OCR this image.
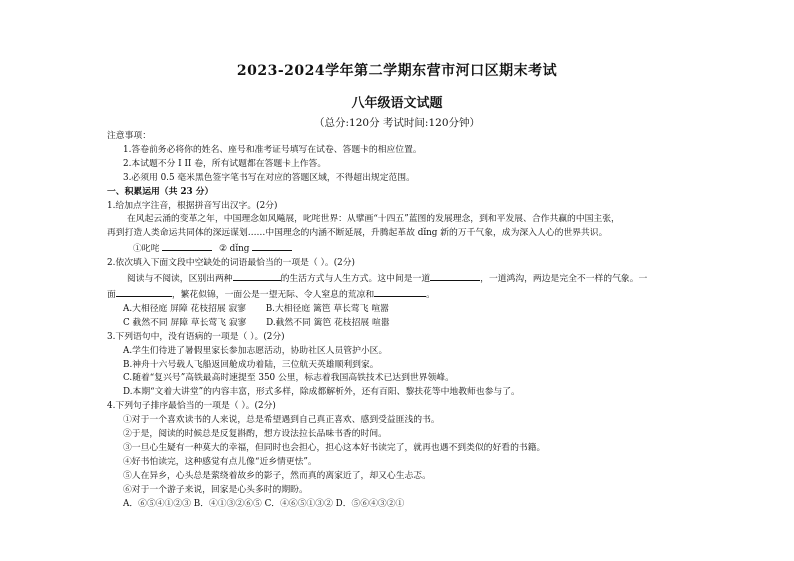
2023-2024学年第二学期东营市河口区期末考试
八年级语文试题
（总分:120分 考试时间:120分钟）
注意事项：
1.答卷前务必将你的姓名、座号和准考证号填写在试卷、答题卡的相应位置。
2.本试题不分 I II 卷，所有试题都在答题卡上作答。
3.必须用 0.5 毫米黑色签字笔书写在对应的答题区域，不得超出规定范围。
一、积累运用（共 23 分）
1.给加点字注音，根据拼音写出汉字。(2分)
在风起云涌的变革之年，中国理念如风飚展，叱咤世界：从擘画“十四五”蓝图的发展理念，到和平发展、合作共赢的中国主张，
再到打造人类命运共同体的深远谋划……中国理念的内涵不断延展，升腾起革故 dǐng 新的万千气象，成为深入人心的世界共识。
①叱咤	② dǐng
2.依次填入下面文段中空缺处的词语最恰当的一项是（ ）。(2分)
阅读与不阅读，区别出两种	的生活方式与人生方式。这中间是一道	，一道鸿沟，两边是完全不一样的气象。一
面	，繁花似锦，一面公是一望无际、令人窒息的荒凉和	。
A.大相径庭 屏障 花枝招展 寂寥 B.大相径庭 篱笆 草长莺飞 喧嚣
C 截然不同 屏障 草长莺飞 寂寥 D.截然不同 篱笆 花枝招展 喧嚣
3.下列语句中，没有语病的一项是（ ）。(2分)
A.学生们待进了暑假里家长参加志愿活动，协助社区人员管护小区。
B.神舟十六号载人飞船返回舱成功着陆，三位航天英雄顺利到家。
C.随着“复兴号”高铁最高时速提至 350 公里，标志着我国高铁技术已达到世界领峰。
D.本期“文着大讲堂”的内容丰富，形式多样，除成都解析外，还有百阳、黎扶花等中地教师也参与了。
4.下列句子排序最恰当的一项是（ ）。(2分)
①对于一个喜欢读书的人来说，总是希望遇到自己真正喜欢、感到受益匪浅的书。
②于是，阅读的时候总是反复斟酌，想方设法拉长品味书香的时间。
③一旦心生疑有一种莫大的幸福，但同时也会担心，担心这本好书读完了，就再也遇不到类似的好看的书籍。
④好书怕读完，这种感觉有点儿像“近乡情更怯”。
⑤人在异乡，心头总是萦绕着故乡的影子，然而真的离家近了，却又心生忐忑。
⑥对于一个游子来说，回家是心头多时的期盼。
A．⑥⑤④①②③ B．④①③②⑥⑤ C．④⑥⑤①③② D．⑤⑥④③②①
